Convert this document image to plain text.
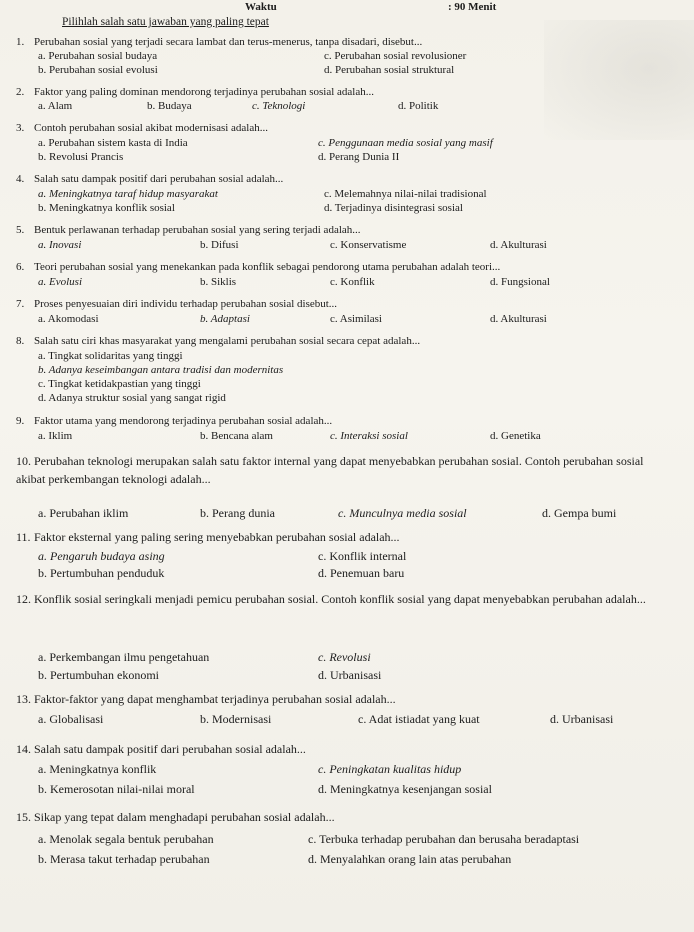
Waktu	: 90 Menit
Pilihlah salah satu jawaban yang paling tepat
1. Perubahan sosial yang terjadi secara lambat dan terus-menerus, tanpa disadari, disebut...
a. Perubahan sosial budaya	c. Perubahan sosial revolusioner
b. Perubahan sosial evolusi	d. Perubahan sosial struktural
2. Faktor yang paling dominan mendorong terjadinya perubahan sosial adalah...
a. Alam	b. Budaya	c. Teknologi	d. Politik
3. Contoh perubahan sosial akibat modernisasi adalah...
a. Perubahan sistem kasta di India	c. Penggunaan media sosial yang masif
b. Revolusi Prancis	d. Perang Dunia II
4. Salah satu dampak positif dari perubahan sosial adalah...
a. Meningkatnya taraf hidup masyarakat	c. Melemahnya nilai-nilai tradisional
b. Meningkatnya konflik sosial	d. Terjadinya disintegrasi sosial
5. Bentuk perlawanan terhadap perubahan sosial yang sering terjadi adalah...
a. Inovasi	b. Difusi	c. Konservatisme	d. Akulturasi
6. Teori perubahan sosial yang menekankan pada konflik sebagai pendorong utama perubahan adalah teori...
a. Evolusi	b. Siklis	c. Konflik	d. Fungsional
7. Proses penyesuaian diri individu terhadap perubahan sosial disebut...
a. Akomodasi	b. Adaptasi	c. Asimilasi	d. Akulturasi
8. Salah satu ciri khas masyarakat yang mengalami perubahan sosial secara cepat adalah...
a. Tingkat solidaritas yang tinggi
b. Adanya keseimbangan antara tradisi dan modernitas
c. Tingkat ketidakpastian yang tinggi
d. Adanya struktur sosial yang sangat rigid
9. Faktor utama yang mendorong terjadinya perubahan sosial adalah...
a. Iklim	b. Bencana alam	c. Interaksi sosial	d. Genetika
10. Perubahan teknologi merupakan salah satu faktor internal yang dapat menyebabkan perubahan sosial. Contoh perubahan sosial akibat perkembangan teknologi adalah...
a. Perubahan iklim	b. Perang dunia	c. Munculnya media sosial	d. Gempa bumi
11. Faktor eksternal yang paling sering menyebabkan perubahan sosial adalah...
a. Pengaruh budaya asing	c. Konflik internal
b. Pertumbuhan penduduk	d. Penemuan baru
12. Konflik sosial seringkali menjadi pemicu perubahan sosial. Contoh konflik sosial yang dapat menyebabkan perubahan adalah...
a. Perkembangan ilmu pengetahuan	c. Revolusi
b. Pertumbuhan ekonomi	d. Urbanisasi
13. Faktor-faktor yang dapat menghambat terjadinya perubahan sosial adalah...
a. Globalisasi	b. Modernisasi	c. Adat istiadat yang kuat	d. Urbanisasi
14. Salah satu dampak positif dari perubahan sosial adalah...
a. Meningkatnya konflik	c. Peningkatan kualitas hidup
b. Kemerosotan nilai-nilai moral	d. Meningkatnya kesenjangan sosial
15. Sikap yang tepat dalam menghadapi perubahan sosial adalah...
a. Menolak segala bentuk perubahan	c. Terbuka terhadap perubahan dan berusaha beradaptasi
b. Merasa takut terhadap perubahan	d. Menyalahkan orang lain atas perubahan
